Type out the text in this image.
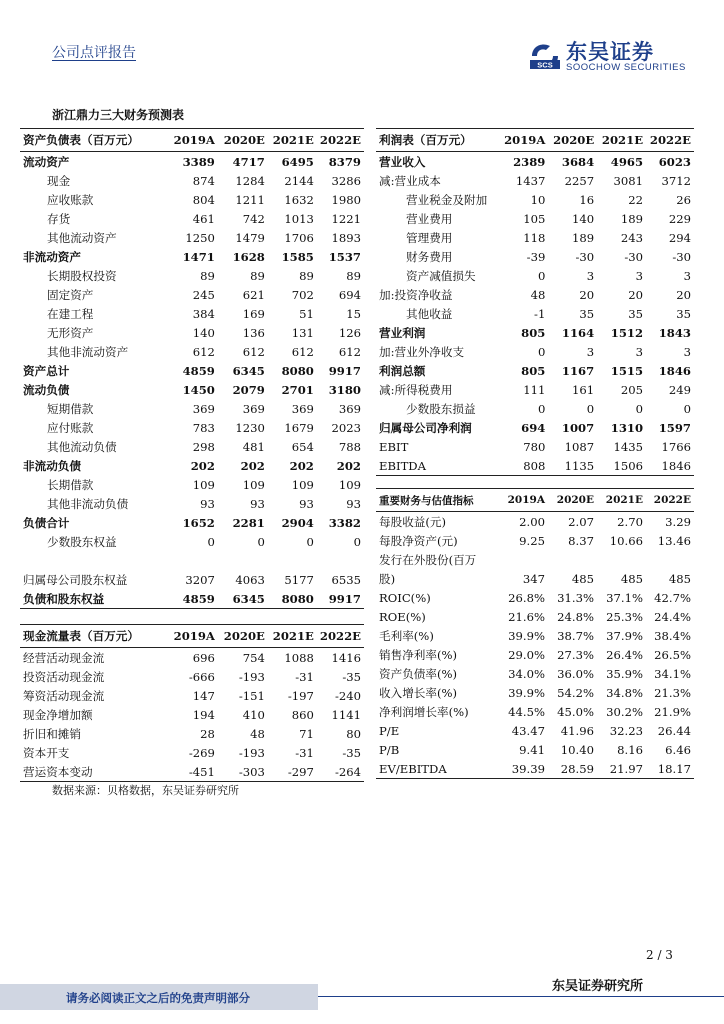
公司点评报告
SCS
东吴证券
SOOCHOW SECURITIES
浙江鼎力三大财务预测表
资产负债表（百万元）	2019A	2020E	2021E	2022E
流动资产	3389	4717	6495	8379
现金	874	1284	2144	3286
应收账款	804	1211	1632	1980
存货	461	742	1013	1221
其他流动资产	1250	1479	1706	1893
非流动资产	1471	1628	1585	1537
长期股权投资	89	89	89	89
固定资产	245	621	702	694
在建工程	384	169	51	15
无形资产	140	136	131	126
其他非流动资产	612	612	612	612
资产总计	4859	6345	8080	9917
流动负债	1450	2079	2701	3180
短期借款	369	369	369	369
应付账款	783	1230	1679	2023
其他流动负债	298	481	654	788
非流动负债	202	202	202	202
长期借款	109	109	109	109
其他非流动负债	93	93	93	93
负债合计	1652	2281	2904	3382
少数股东权益	0	0	0	0

归属母公司股东权益	3207	4063	5177	6535
负债和股东权益	4859	6345	8080	9917
利润表（百万元）	2019A	2020E	2021E	2022E
营业收入	2389	3684	4965	6023
减:营业成本	1437	2257	3081	3712
营业税金及附加	10	16	22	26
营业费用	105	140	189	229
管理费用	118	189	243	294
财务费用	-39	-30	-30	-30
资产减值损失	0	3	3	3
加:投资净收益	48	20	20	20
其他收益	-1	35	35	35
营业利润	805	1164	1512	1843
加:营业外净收支	0	3	3	3
利润总额	805	1167	1515	1846
减:所得税费用	111	161	205	249
少数股东损益	0	0	0	0
归属母公司净利润	694	1007	1310	1597
EBIT	780	1087	1435	1766
EBITDA	808	1135	1506	1846
重要财务与估值指标	2019A	2020E	2021E	2022E
每股收益(元)	2.00	2.07	2.70	3.29
每股净资产(元)	9.25	8.37	10.66	13.46
发行在外股份(百万				
股)	347	485	485	485
ROIC(%)	26.8%	31.3%	37.1%	42.7%
ROE(%)	21.6%	24.8%	25.3%	24.4%
毛利率(%)	39.9%	38.7%	37.9%	38.4%
销售净利率(%)	29.0%	27.3%	26.4%	26.5%
资产负债率(%)	34.0%	36.0%	35.9%	34.1%
收入增长率(%)	39.9%	54.2%	34.8%	21.3%
净利润增长率(%)	44.5%	45.0%	30.2%	21.9%
P/E	43.47	41.96	32.23	26.44
P/B	9.41	10.40	8.16	6.46
EV/EBITDA	39.39	28.59	21.97	18.17
现金流量表（百万元）	2019A	2020E	2021E	2022E
经营活动现金流	696	754	1088	1416
投资活动现金流	-666	-193	-31	-35
筹资活动现金流	147	-151	-197	-240
现金净增加额	194	410	860	1141
折旧和摊销	28	48	71	80
资本开支	-269	-193	-31	-35
营运资本变动	-451	-303	-297	-264
数据来源：贝格数据，东吴证券研究所
2 / 3
请务必阅读正文之后的免责声明部分
东吴证券研究所
